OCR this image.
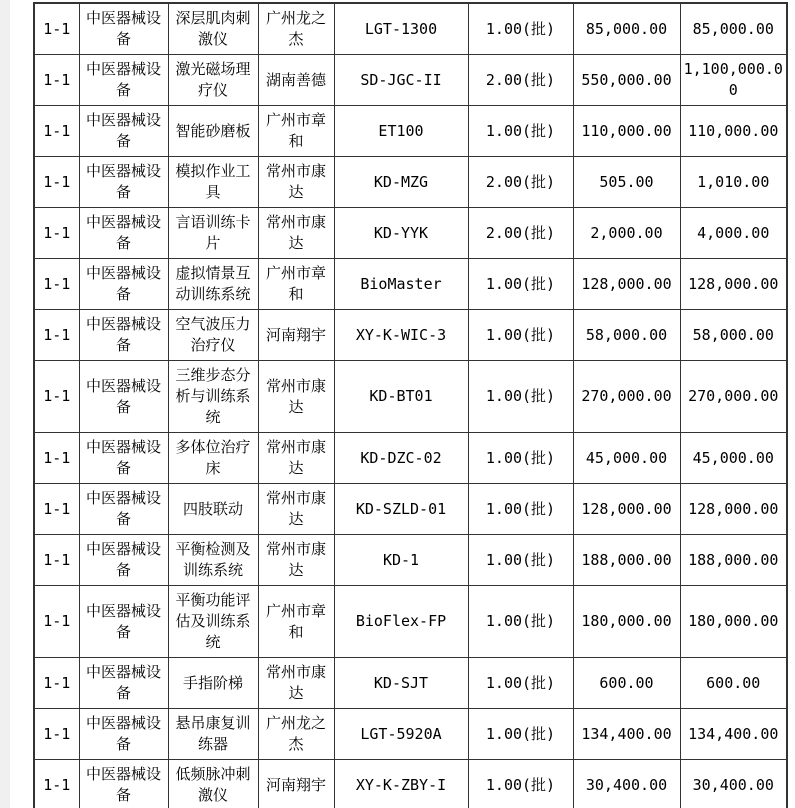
1-1	中医器械设备	深层肌肉刺激仪	广州龙之杰	LGT-1300	1.00(批)	85,000.00	85,000.00
1-1	中医器械设备	激光磁场理疗仪	湖南善德	SD-JGC-II	2.00(批)	550,000.00	1,100,000.00
1-1	中医器械设备	智能砂磨板	广州市章和	ET100	1.00(批)	110,000.00	110,000.00
1-1	中医器械设备	模拟作业工具	常州市康达	KD-MZG	2.00(批)	505.00	1,010.00
1-1	中医器械设备	言语训练卡片	常州市康达	KD-YYK	2.00(批)	2,000.00	4,000.00
1-1	中医器械设备	虚拟情景互动训练系统	广州市章和	BioMaster	1.00(批)	128,000.00	128,000.00
1-1	中医器械设备	空气波压力治疗仪	河南翔宇	XY-K-WIC-3	1.00(批)	58,000.00	58,000.00
1-1	中医器械设备	三维步态分析与训练系统	常州市康达	KD-BT01	1.00(批)	270,000.00	270,000.00
1-1	中医器械设备	多体位治疗床	常州市康达	KD-DZC-02	1.00(批)	45,000.00	45,000.00
1-1	中医器械设备	四肢联动	常州市康达	KD-SZLD-01	1.00(批)	128,000.00	128,000.00
1-1	中医器械设备	平衡检测及训练系统	常州市康达	KD-1	1.00(批)	188,000.00	188,000.00
1-1	中医器械设备	平衡功能评估及训练系统	广州市章和	BioFlex-FP	1.00(批)	180,000.00	180,000.00
1-1	中医器械设备	手指阶梯	常州市康达	KD-SJT	1.00(批)	600.00	600.00
1-1	中医器械设备	悬吊康复训练器	广州龙之杰	LGT-5920A	1.00(批)	134,400.00	134,400.00
1-1	中医器械设备	低频脉冲刺激仪	河南翔宇	XY-K-ZBY-I	1.00(批)	30,400.00	30,400.00
